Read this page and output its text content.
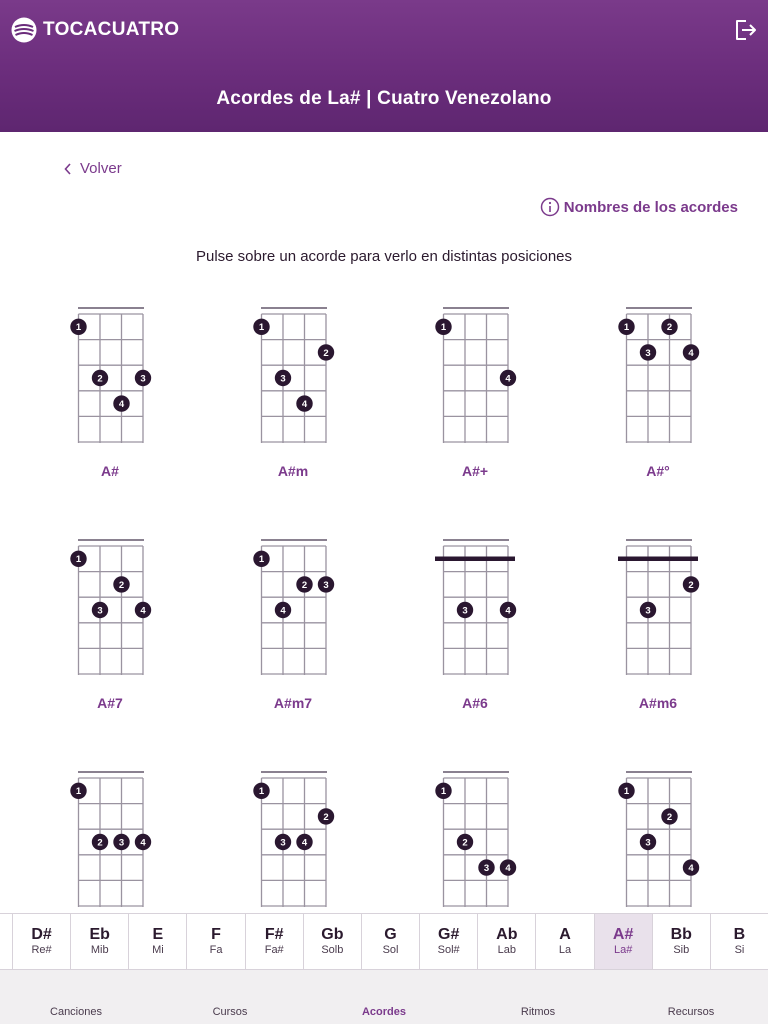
TOCACUATRO
Acordes de La# | Cuatro Venezolano
Volver
Nombres de los acordes
Pulse sobre un acorde para verlo en distintas posiciones
1
2	3
4
A#
1
2
3
4
A#m
1
4
A#+
1	2
3	4
A#°
1
2
3	4
A#7
1
2 3
4
A#m7
3	4
A#6
2
3
A#m6
1
2 3 4
1
2
3 4
1
2
3 4
1
2
3
4
D#
Re#
Eb
Mib
E
Mi
F
Fa
F#
Fa#
Gb
Solb
G
Sol
G#
Sol#
Ab
Lab
A
La
A#
La#
Bb
Sib
B
Si
Canciones	Cursos	Acordes	Ritmos	Recursos
